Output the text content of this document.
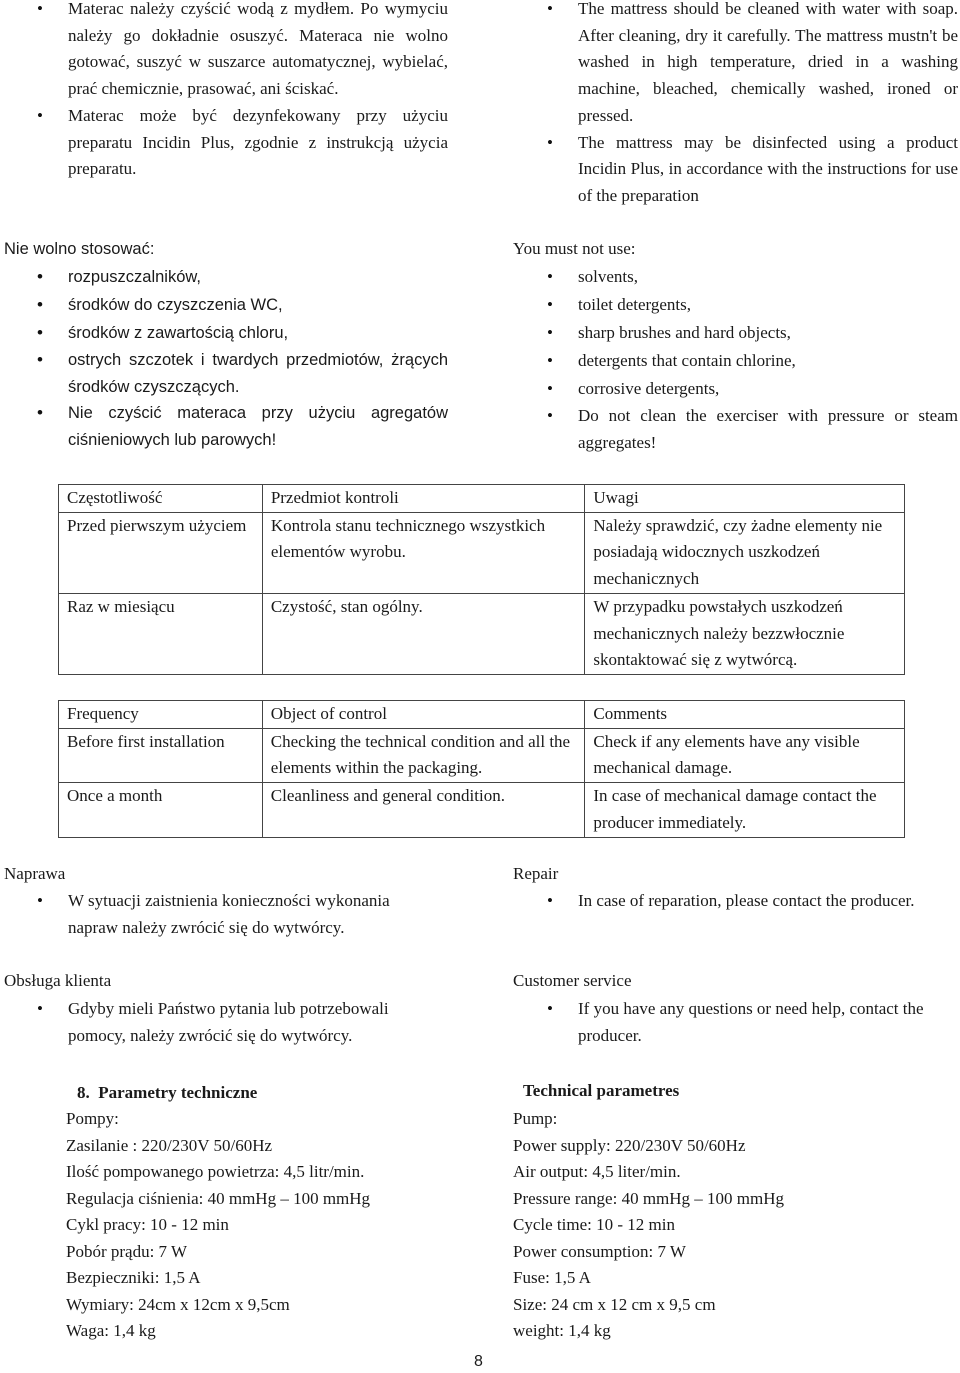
• Materac należy czyścić wodą z mydłem. Po wymyciu należy go dokładnie osuszyć. Materaca nie wolno gotować, suszyć w suszarce automatycznej, wybielać, prać chemicznie, prasować, ani ściskać.
• Materac może być dezynfekowany przy użyciu preparatu Incidin Plus, zgodnie z instrukcją użycia preparatu.
• The mattress should be cleaned with water with soap. After cleaning, dry it carefully. The mattress mustn't be washed in high temperature, dried in a washing machine, bleached, chemically washed, ironed or pressed.
• The mattress may be disinfected using a product Incidin Plus, in accordance with the instructions for use of the preparation
Nie wolno stosować:
• rozpuszczalników,
• środków do czyszczenia WC,
• środków z zawartością chloru,
• ostrych szczotek i twardych przedmiotów, żrących środków czyszczących.
• Nie czyścić materaca przy użyciu agregatów ciśnieniowych lub parowych!
You must not use:
• solvents,
• toilet detergents,
• sharp brushes and hard objects,
• detergents that contain chlorine,
• corrosive detergents,
• Do not clean the exerciser with pressure or steam aggregates!
Częstotliwość	Przedmiot kontroli	Uwagi
Przed pierwszym użyciem	Kontrola stanu technicznego wszystkich elementów wyrobu.	Należy sprawdzić, czy żadne elementy nie posiadają widocznych uszkodzeń mechanicznych
Raz w miesiącu	Czystość, stan ogólny.	W przypadku powstałych uszkodzeń mechanicznych należy bezzwłocznie skontaktować się z wytwórcą.
Frequency	Object of control	Comments
Before first installation	Checking the technical condition and all the elements within the packaging.	Check if any elements have any visible mechanical damage.
Once a month	Cleanliness and general condition.	In case of mechanical damage contact the producer immediately.
Naprawa
• W sytuacji zaistnienia konieczności wykonania napraw należy zwrócić się do wytwórcy.
Repair
• In case of reparation, please contact the producer.
Obsługa klienta
• Gdyby mieli Państwo pytania lub potrzebowali pomocy, należy zwrócić się do wytwórcy.
Customer service
• If you have any questions or need help, contact the producer.
8. Parametry techniczne
Pompy:
Zasilanie : 220/230V 50/60Hz
Ilość pompowanego powietrza: 4,5 litr/min.
Regulacja ciśnienia: 40 mmHg – 100 mmHg
Cykl pracy: 10 - 12 min
Pobór prądu: 7 W
Bezpieczniki: 1,5 A
Wymiary: 24cm x 12cm x 9,5cm
Waga: 1,4 kg
Technical parametres
Pump:
Power supply: 220/230V 50/60Hz
Air output: 4,5 liter/min.
Pressure range: 40 mmHg – 100 mmHg
Cycle time: 10 - 12 min
Power consumption: 7 W
Fuse: 1,5 A
Size: 24 cm x 12 cm x 9,5 cm
weight: 1,4 kg
8
